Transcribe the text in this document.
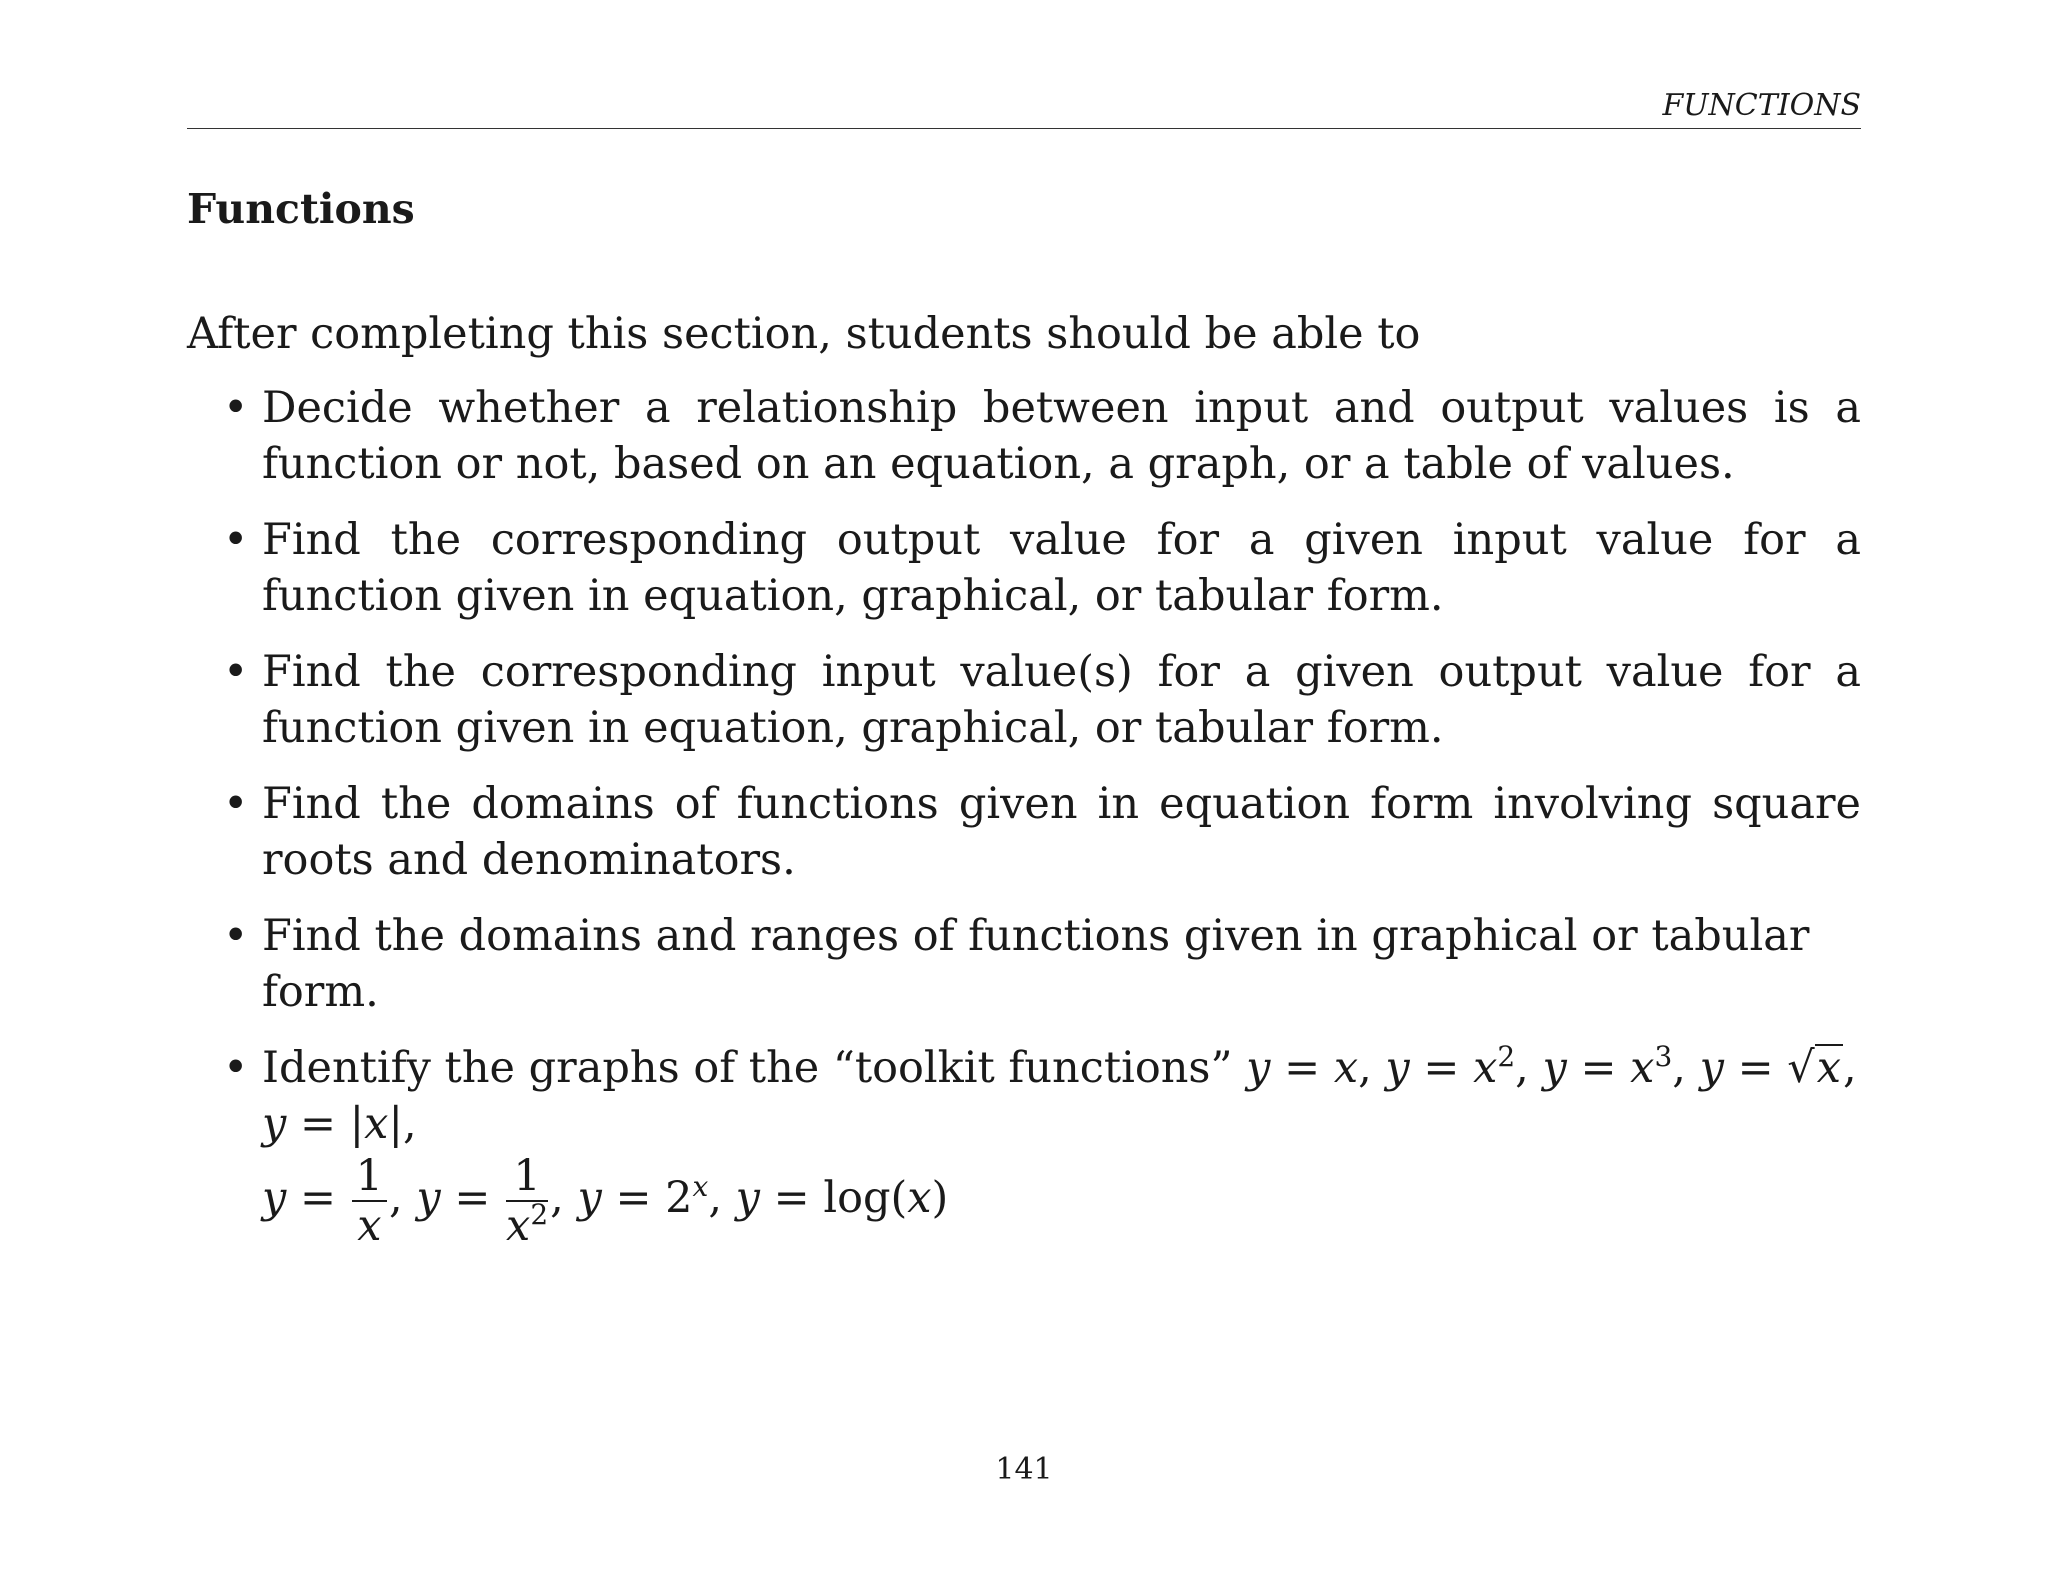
FUNCTIONS
Functions

After completing this section, students should be able to

• Decide whether a relationship between input and output values is a function or not, based on an equation, a graph, or a table of values.
• Find the corresponding output value for a given input value for a function given in equation, graphical, or tabular form.
• Find the corresponding input value(s) for a given output value for a function given in equation, graphical, or tabular form.
• Find the domains of functions given in equation form involving square roots and denominators.
• Find the domains and ranges of functions given in graphical or tabular form.
• Identify the graphs of the “toolkit functions” y = x, $y = x^2$, $y = x^3$, y = √x, y = |x|,
$y = \frac{1}{x}$ , $y = \frac{1}{x^2}$ , $y = 2^x$, y = log(x)
141
